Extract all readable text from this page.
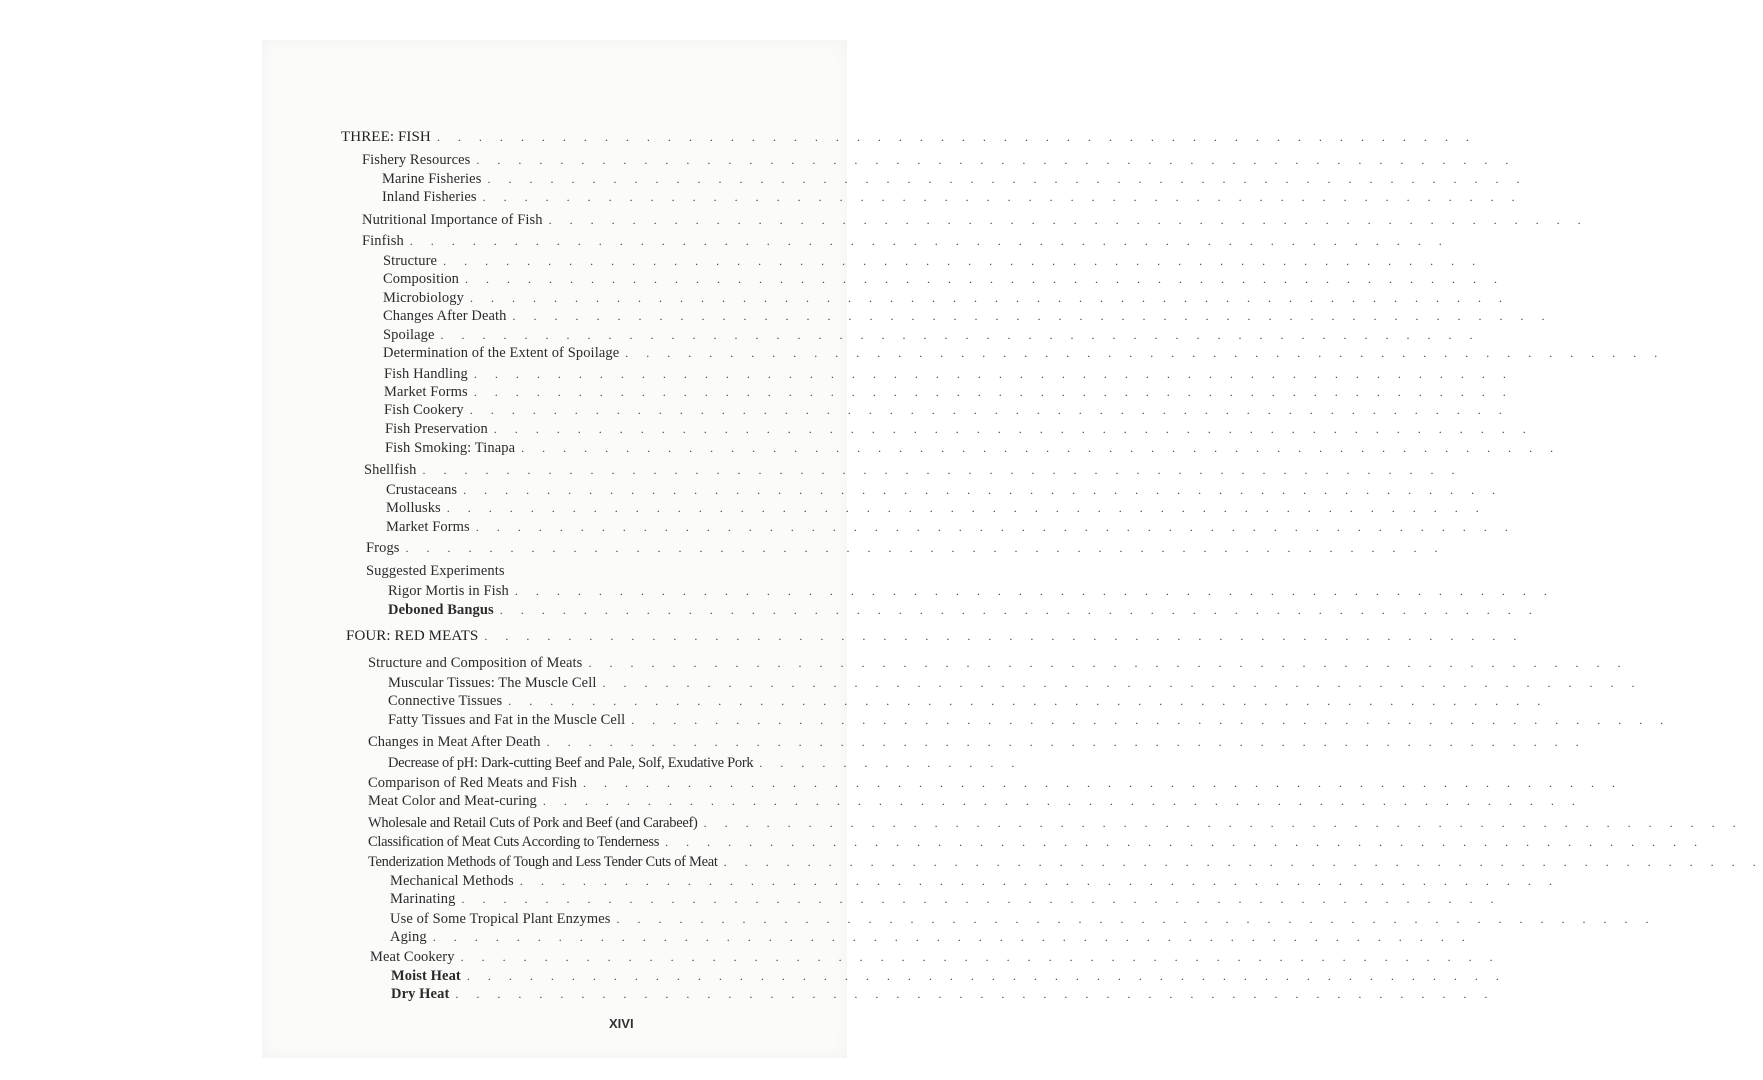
THREE: FISH . . . . . . . . . . . . . . . . . . . . . . . . . . . . . . . . . . . . . . . . . . . . . . . . . .
Fishery Resources . . . . . . . . . . . . . . . . . . . . . . . . . . . . . . . . . . . . . . . . . . . . . . . . . .
Marine Fisheries . . . . . . . . . . . . . . . . . . . . . . . . . . . . . . . . . . . . . . . . . . . . . . . . . .
Inland Fisheries . . . . . . . . . . . . . . . . . . . . . . . . . . . . . . . . . . . . . . . . . . . . . . . . . .
Nutritional Importance of Fish . . . . . . . . . . . . . . . . . . . . . . . . . . . . . . . . . . . . . . . . . . . . . . . . . .
Finfish . . . . . . . . . . . . . . . . . . . . . . . . . . . . . . . . . . . . . . . . . . . . . . . . . .
Structure . . . . . . . . . . . . . . . . . . . . . . . . . . . . . . . . . . . . . . . . . . . . . . . . . .
Composition . . . . . . . . . . . . . . . . . . . . . . . . . . . . . . . . . . . . . . . . . . . . . . . . . .
Microbiology . . . . . . . . . . . . . . . . . . . . . . . . . . . . . . . . . . . . . . . . . . . . . . . . . .
Changes After Death . . . . . . . . . . . . . . . . . . . . . . . . . . . . . . . . . . . . . . . . . . . . . . . . . .
Spoilage . . . . . . . . . . . . . . . . . . . . . . . . . . . . . . . . . . . . . . . . . . . . . . . . . .
Determination of the Extent of Spoilage . . . . . . . . . . . . . . . . . . . . . . . . . . . . . . . . . . . . . . . . . . . . . . . . . .
Fish Handling . . . . . . . . . . . . . . . . . . . . . . . . . . . . . . . . . . . . . . . . . . . . . . . . . .
Market Forms . . . . . . . . . . . . . . . . . . . . . . . . . . . . . . . . . . . . . . . . . . . . . . . . . .
Fish Cookery . . . . . . . . . . . . . . . . . . . . . . . . . . . . . . . . . . . . . . . . . . . . . . . . . .
Fish Preservation . . . . . . . . . . . . . . . . . . . . . . . . . . . . . . . . . . . . . . . . . . . . . . . . . .
Fish Smoking: Tinapa . . . . . . . . . . . . . . . . . . . . . . . . . . . . . . . . . . . . . . . . . . . . . . . . . .
Shellfish . . . . . . . . . . . . . . . . . . . . . . . . . . . . . . . . . . . . . . . . . . . . . . . . . .
Crustaceans . . . . . . . . . . . . . . . . . . . . . . . . . . . . . . . . . . . . . . . . . . . . . . . . . .
Mollusks . . . . . . . . . . . . . . . . . . . . . . . . . . . . . . . . . . . . . . . . . . . . . . . . . .
Market Forms . . . . . . . . . . . . . . . . . . . . . . . . . . . . . . . . . . . . . . . . . . . . . . . . . .
Frogs . . . . . . . . . . . . . . . . . . . . . . . . . . . . . . . . . . . . . . . . . . . . . . . . . .
Suggested Experiments
Rigor Mortis in Fish . . . . . . . . . . . . . . . . . . . . . . . . . . . . . . . . . . . . . . . . . . . . . . . . . .
Deboned Bangus . . . . . . . . . . . . . . . . . . . . . . . . . . . . . . . . . . . . . . . . . . . . . . . . . .
FOUR: RED MEATS . . . . . . . . . . . . . . . . . . . . . . . . . . . . . . . . . . . . . . . . . . . . . . . . . .
Structure and Composition of Meats . . . . . . . . . . . . . . . . . . . . . . . . . . . . . . . . . . . . . . . . . . . . . . . . . .
Muscular Tissues: The Muscle Cell . . . . . . . . . . . . . . . . . . . . . . . . . . . . . . . . . . . . . . . . . . . . . . . . . .
Connective Tissues . . . . . . . . . . . . . . . . . . . . . . . . . . . . . . . . . . . . . . . . . . . . . . . . . .
Fatty Tissues and Fat in the Muscle Cell . . . . . . . . . . . . . . . . . . . . . . . . . . . . . . . . . . . . . . . . . . . . . . . . . .
Changes in Meat After Death . . . . . . . . . . . . . . . . . . . . . . . . . . . . . . . . . . . . . . . . . . . . . . . . . .
Decrease of pH: Dark-cutting Beef and Pale, Solf, Exudative Pork . . . . . . . . . . . . .
Comparison of Red Meats and Fish . . . . . . . . . . . . . . . . . . . . . . . . . . . . . . . . . . . . . . . . . . . . . . . . . .
Meat Color and Meat-curing . . . . . . . . . . . . . . . . . . . . . . . . . . . . . . . . . . . . . . . . . . . . . . . . . .
Wholesale and Retail Cuts of Pork and Beef (and Carabeef) . . . . . . . . . . . . . . . . . . . . . . . . . . . . . . . . . . . . . . . . . . . . . . . . . .
Classification of Meat Cuts According to Tenderness . . . . . . . . . . . . . . . . . . . . . . . . . . . . . . . . . . . . . . . . . . . . . . . . . .
Tenderization Methods of Tough and Less Tender Cuts of Meat . . . . . . . . . . . . . . . . . . . . . . . . . . . . . . . . . . . . . . . . . . . . . . . . . .
Mechanical Methods . . . . . . . . . . . . . . . . . . . . . . . . . . . . . . . . . . . . . . . . . . . . . . . . . .
Marinating . . . . . . . . . . . . . . . . . . . . . . . . . . . . . . . . . . . . . . . . . . . . . . . . . .
Use of Some Tropical Plant Enzymes . . . . . . . . . . . . . . . . . . . . . . . . . . . . . . . . . . . . . . . . . . . . . . . . . .
Aging . . . . . . . . . . . . . . . . . . . . . . . . . . . . . . . . . . . . . . . . . . . . . . . . . .
Meat Cookery . . . . . . . . . . . . . . . . . . . . . . . . . . . . . . . . . . . . . . . . . . . . . . . . . .
Moist Heat . . . . . . . . . . . . . . . . . . . . . . . . . . . . . . . . . . . . . . . . . . . . . . . . . .
Dry Heat . . . . . . . . . . . . . . . . . . . . . . . . . . . . . . . . . . . . . . . . . . . . . . . . . .
XIVI
